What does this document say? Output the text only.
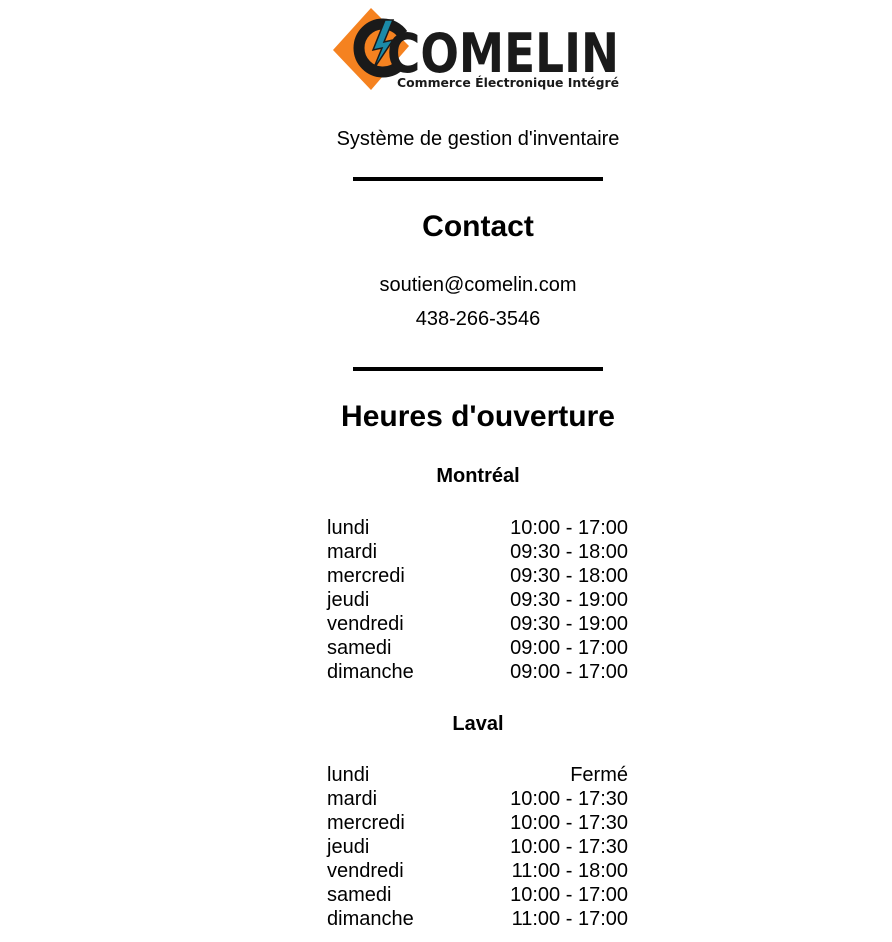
COMELIN
Commerce Électronique Intégré

Système de gestion d'inventaire

Contact

soutien@comelin.com

438-266-3546

Heures d'ouverture
Montréal
lundi	10:00 - 17:00
mardi	09:30 - 18:00
mercredi	09:30 - 18:00
jeudi	09:30 - 19:00
vendredi	09:30 - 19:00
samedi	09:00 - 17:00
dimanche	09:00 - 17:00
Laval
lundi	Fermé
mardi	10:00 - 17:30
mercredi	10:00 - 17:30
jeudi	10:00 - 17:30
vendredi	11:00 - 18:00
samedi	10:00 - 17:00
dimanche	11:00 - 17:00
